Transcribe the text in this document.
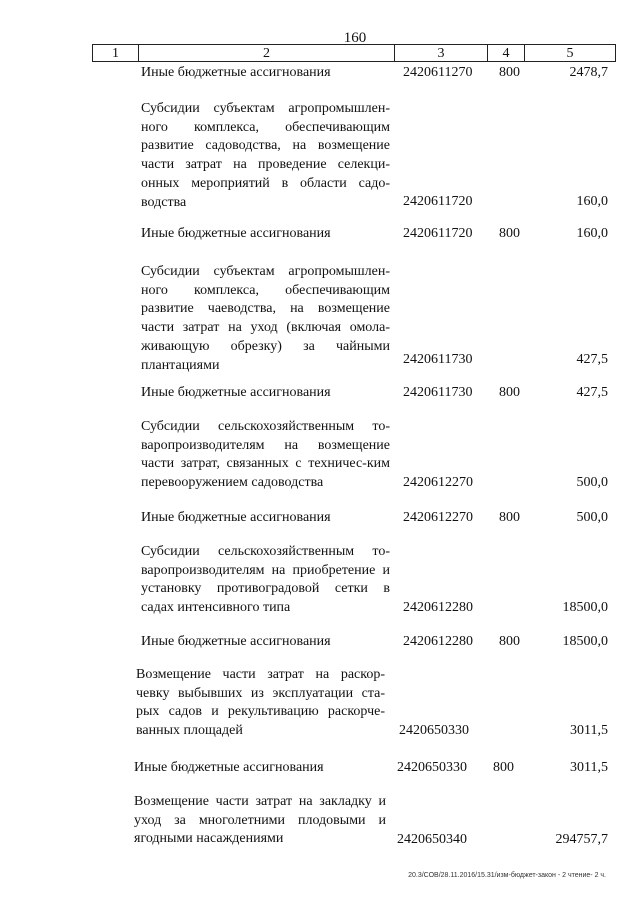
160
1	2	3	4	5
Иные бюджетные ассигнования	2420611270 800	2478,7
Субсидии субъектам агропромышлен-ного комплекса, обеспечивающим развитие садоводства, на возмещение части затрат на проведение селекци-онных мероприятий в области садо-водства	2420611720	160,0
Иные бюджетные ассигнования	2420611720 800	160,0
Субсидии субъектам агропромышлен-ного комплекса, обеспечивающим развитие чаеводства, на возмещение части затрат на уход (включая омола-живающую обрезку) за чайными плантациями	2420611730	427,5
Иные бюджетные ассигнования	2420611730 800	427,5
Субсидии сельскохозяйственным то-варопроизводителям на возмещение части затрат, связанных с техничес-ким перевооружением садоводства	2420612270	500,0
Иные бюджетные ассигнования	2420612270 800	500,0
Субсидии сельскохозяйственным то-варопроизводителям на приобретение и установку противоградовой сетки в садах интенсивного типа	2420612280	18500,0
Иные бюджетные ассигнования	2420612280 800	18500,0
Возмещение части затрат на раскор-чевку выбывших из эксплуатации ста-рых садов и рекультивацию раскорче-ванных площадей	2420650330	3011,5
Иные бюджетные ассигнования	2420650330 800	3011,5
Возмещение части затрат на закладку и уход за многолетними плодовыми и ягодными насаждениями	2420650340	294757,7
20.3/СОВ/28.11.2016/15.31/изм-бюджет-закон - 2 чтение- 2 ч.
